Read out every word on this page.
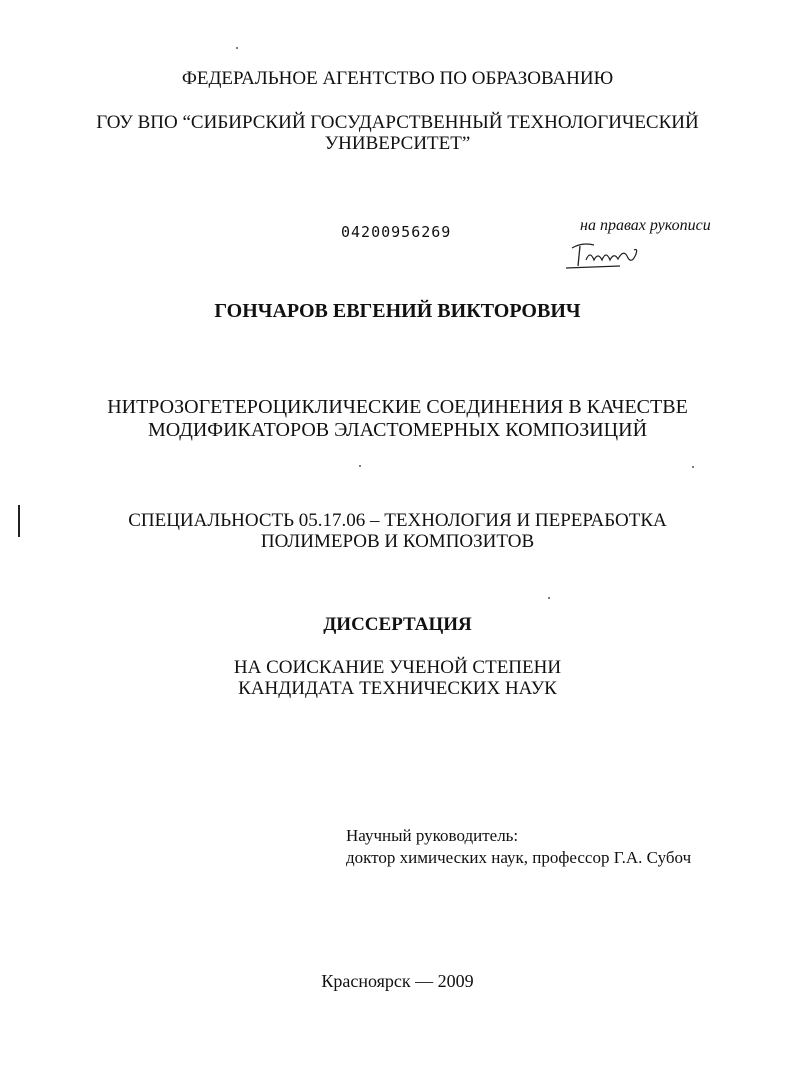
ФЕДЕРАЛЬНОЕ АГЕНТСТВО ПО ОБРАЗОВАНИЮ
ГОУ ВПО “СИБИРСКИЙ ГОСУДАРСТВЕННЫЙ ТЕХНОЛОГИЧЕСКИЙ
УНИВЕРСИТЕТ”
04200956269	на правах рукописи
ГОНЧАРОВ ЕВГЕНИЙ ВИКТОРОВИЧ
НИТРОЗОГЕТЕРОЦИКЛИЧЕСКИЕ СОЕДИНЕНИЯ В КАЧЕСТВЕ
МОДИФИКАТОРОВ ЭЛАСТОМЕРНЫХ КОМПОЗИЦИЙ
СПЕЦИАЛЬНОСТЬ 05.17.06 – ТЕХНОЛОГИЯ И ПЕРЕРАБОТКА
ПОЛИМЕРОВ И КОМПОЗИТОВ
ДИССЕРТАЦИЯ
НА СОИСКАНИЕ УЧЕНОЙ СТЕПЕНИ
КАНДИДАТА ТЕХНИЧЕСКИХ НАУК
Научный руководитель:
доктор химических наук, профессор Г.А. Субоч
Красноярск — 2009
